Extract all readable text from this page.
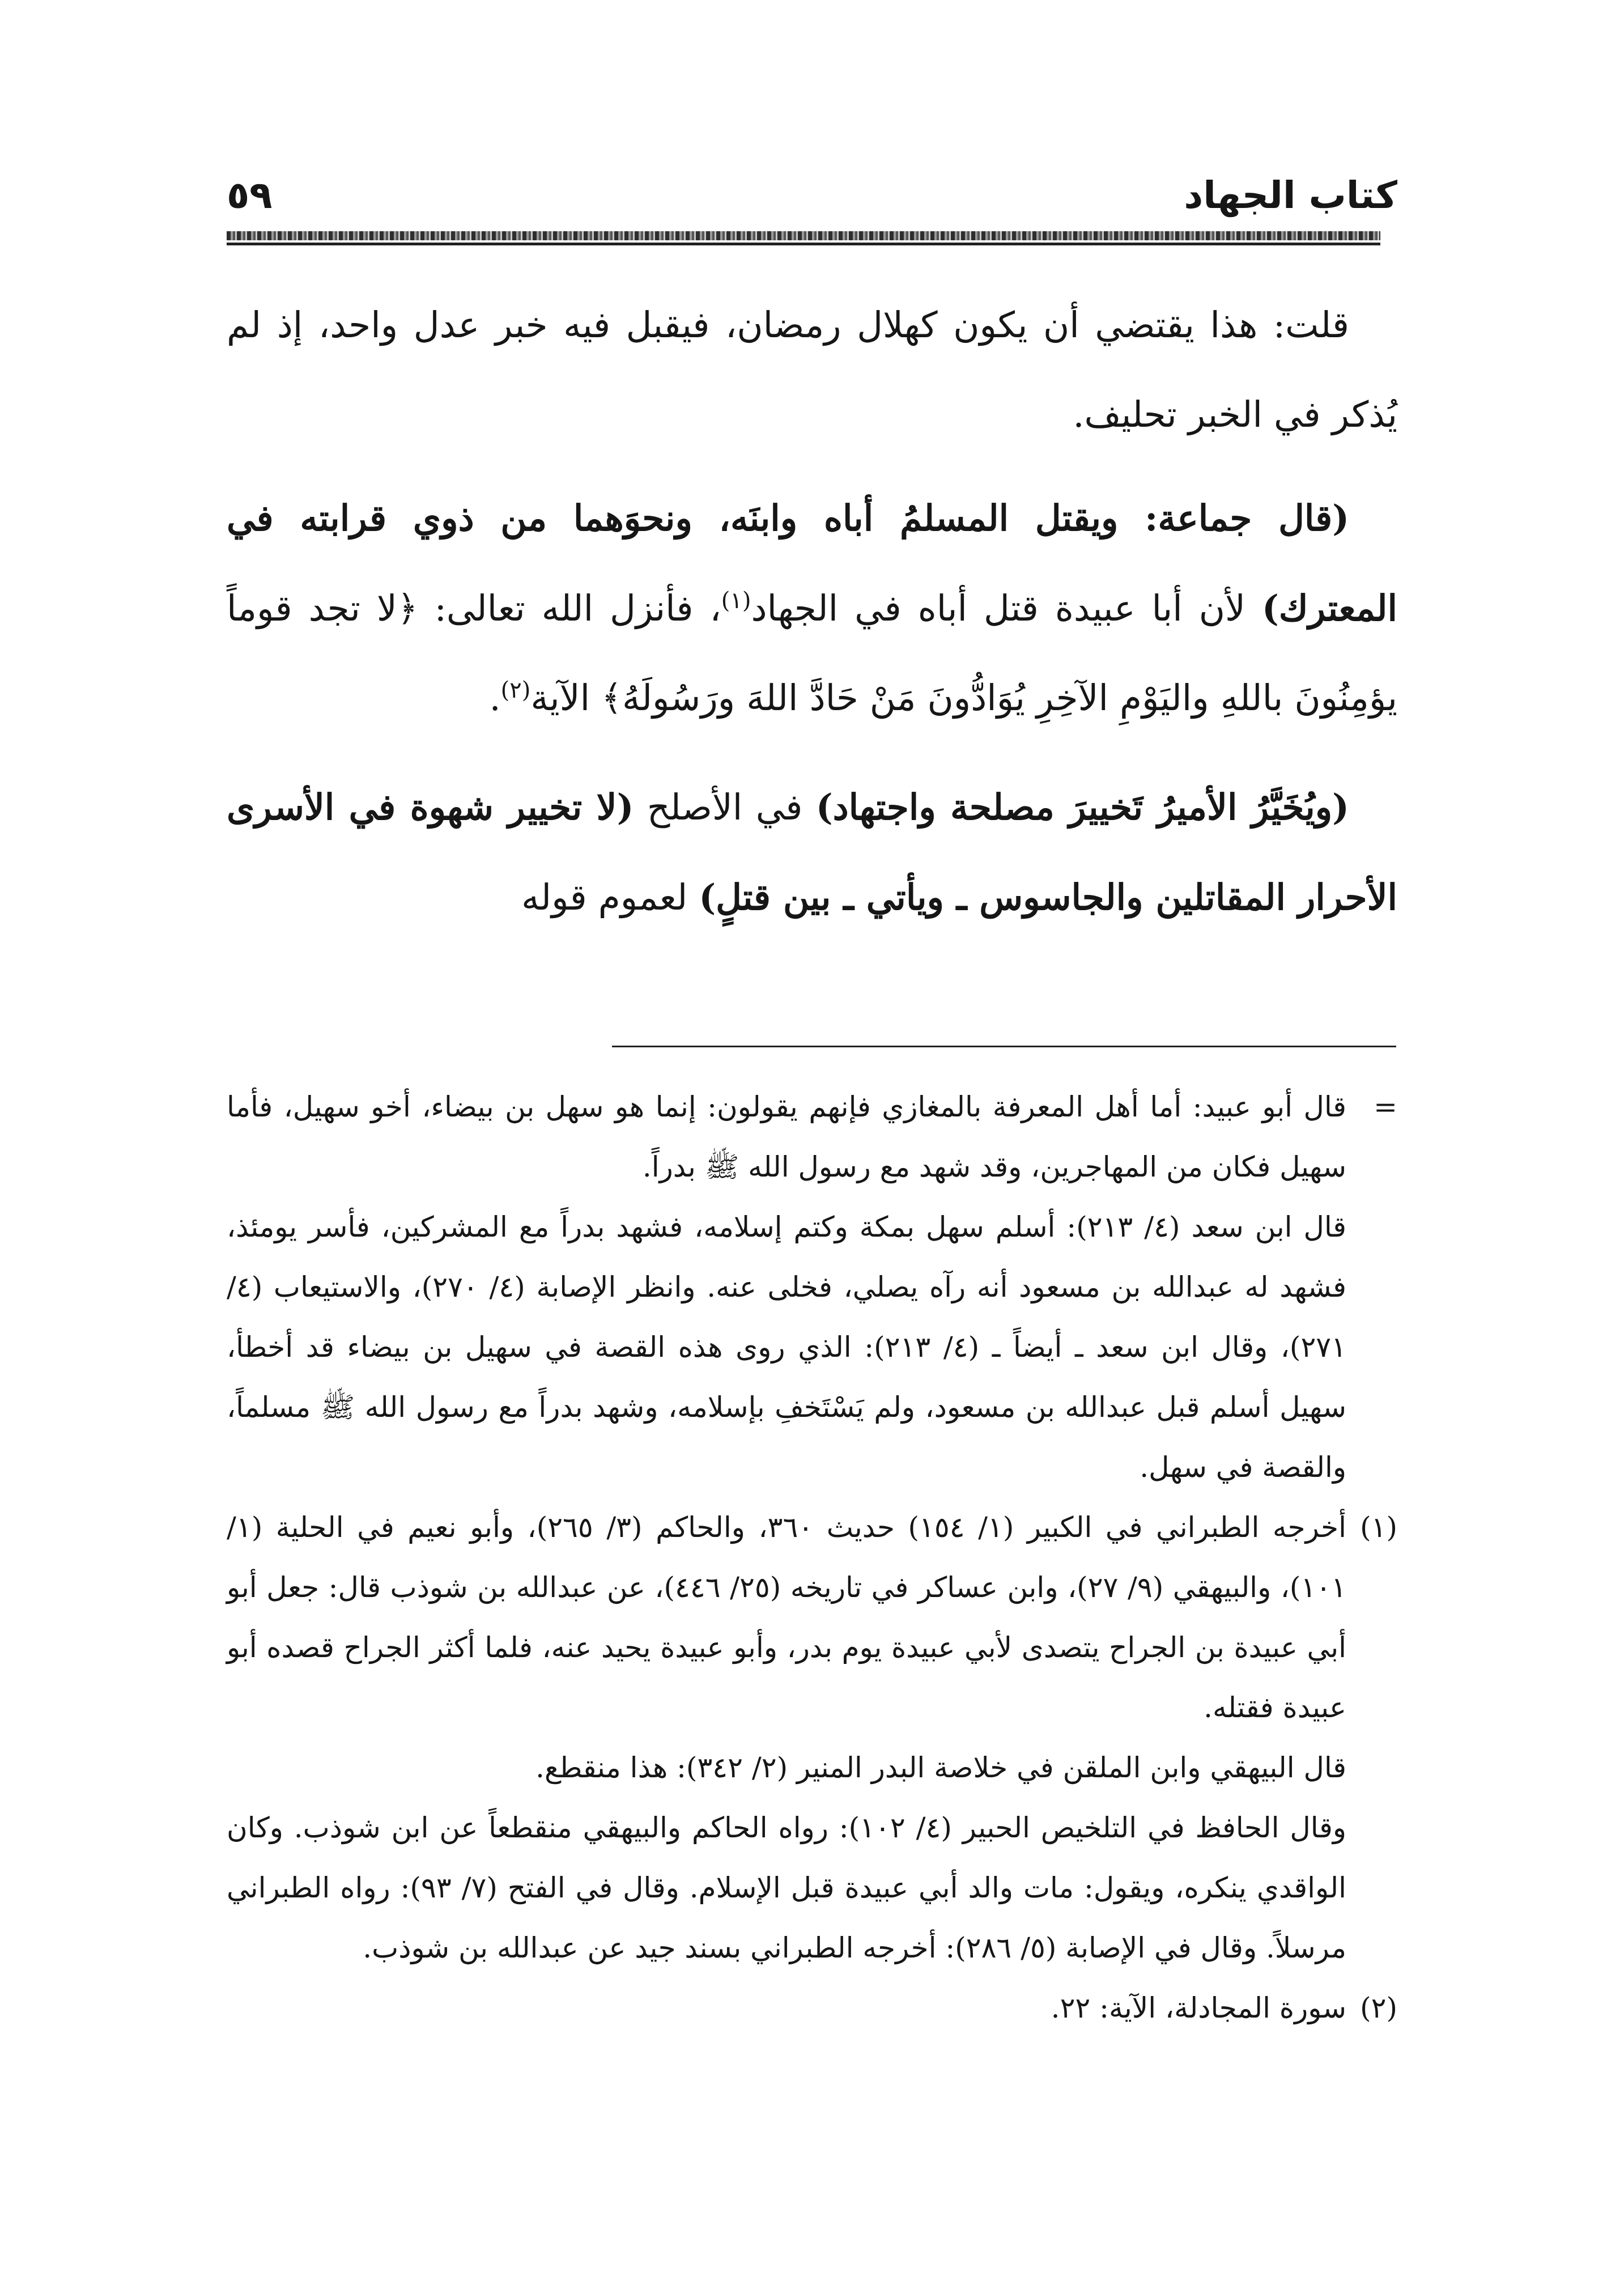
كتاب الجهاد
٥٩

قلت: هذا يقتضي أن يكون كهلال رمضان، فيقبل فيه خبر عدل واحد، إذ لم يُذكر في الخبر تحليف.

(قال جماعة: ويقتل المسلمُ أباه وابنَه، ونحوَهما من ذوي قرابته في المعترك) لأن أبا عبيدة قتل أباه في الجهاد$^{(١)}$، فأنزل الله تعالى: ﴿لا تجد قوماً يؤمِنُونَ باللهِ واليَوْمِ الآخِرِ يُوَادُّونَ مَنْ حَادَّ اللهَ ورَسُولَهُ﴾ الآية$^{(٢)}$.

(ويُخَيَّرُ الأميرُ تَخييرَ مصلحة واجتهاد) في الأصلح (لا تخيير شهوة في الأسرى الأحرار المقاتلين والجاسوس ـ ويأتي ـ بين قتلٍ) لعموم قوله

=

قال أبو عبيد: أما أهل المعرفة بالمغازي فإنهم يقولون: إنما هو سهل بن بيضاء، أخو سهيل، فأما سهيل فكان من المهاجرين، وقد شهد مع رسول الله ﷺ بدراً.

قال ابن سعد (٤/ ٢١٣): أسلم سهل بمكة وكتم إسلامه، فشهد بدراً مع المشركين، فأسر يومئذ، فشهد له عبدالله بن مسعود أنه رآه يصلي، فخلى عنه. وانظر الإصابة (٤/ ٢٧٠)، والاستيعاب (٤/ ٢٧١)، وقال ابن سعد ـ أيضاً ـ (٤/ ٢١٣): الذي روى هذه القصة في سهيل بن بيضاء قد أخطأ، سهيل أسلم قبل عبدالله بن مسعود، ولم يَسْتَخفِ بإسلامه، وشهد بدراً مع رسول الله ﷺ مسلماً، والقصة في سهل.

(١)

أخرجه الطبراني في الكبير (١/ ١٥٤) حديث ٣٦٠، والحاكم (٣/ ٢٦٥)، وأبو نعيم في الحلية (١/ ١٠١)، والبيهقي (٩/ ٢٧)، وابن عساكر في تاريخه (٢٥/ ٤٤٦)، عن عبدالله بن شوذب قال: جعل أبو أبي عبيدة بن الجراح يتصدى لأبي عبيدة يوم بدر، وأبو عبيدة يحيد عنه، فلما أكثر الجراح قصده أبو عبيدة فقتله.

قال البيهقي وابن الملقن في خلاصة البدر المنير (٢/ ٣٤٢): هذا منقطع.

وقال الحافظ في التلخيص الحبير (٤/ ١٠٢): رواه الحاكم والبيهقي منقطعاً عن ابن شوذب. وكان الواقدي ينكره، ويقول: مات والد أبي عبيدة قبل الإسلام. وقال في الفتح (٧/ ٩٣): رواه الطبراني مرسلاً. وقال في الإصابة (٥/ ٢٨٦): أخرجه الطبراني بسند جيد عن عبدالله بن شوذب.

(٢)

سورة المجادلة، الآية: ٢٢.
